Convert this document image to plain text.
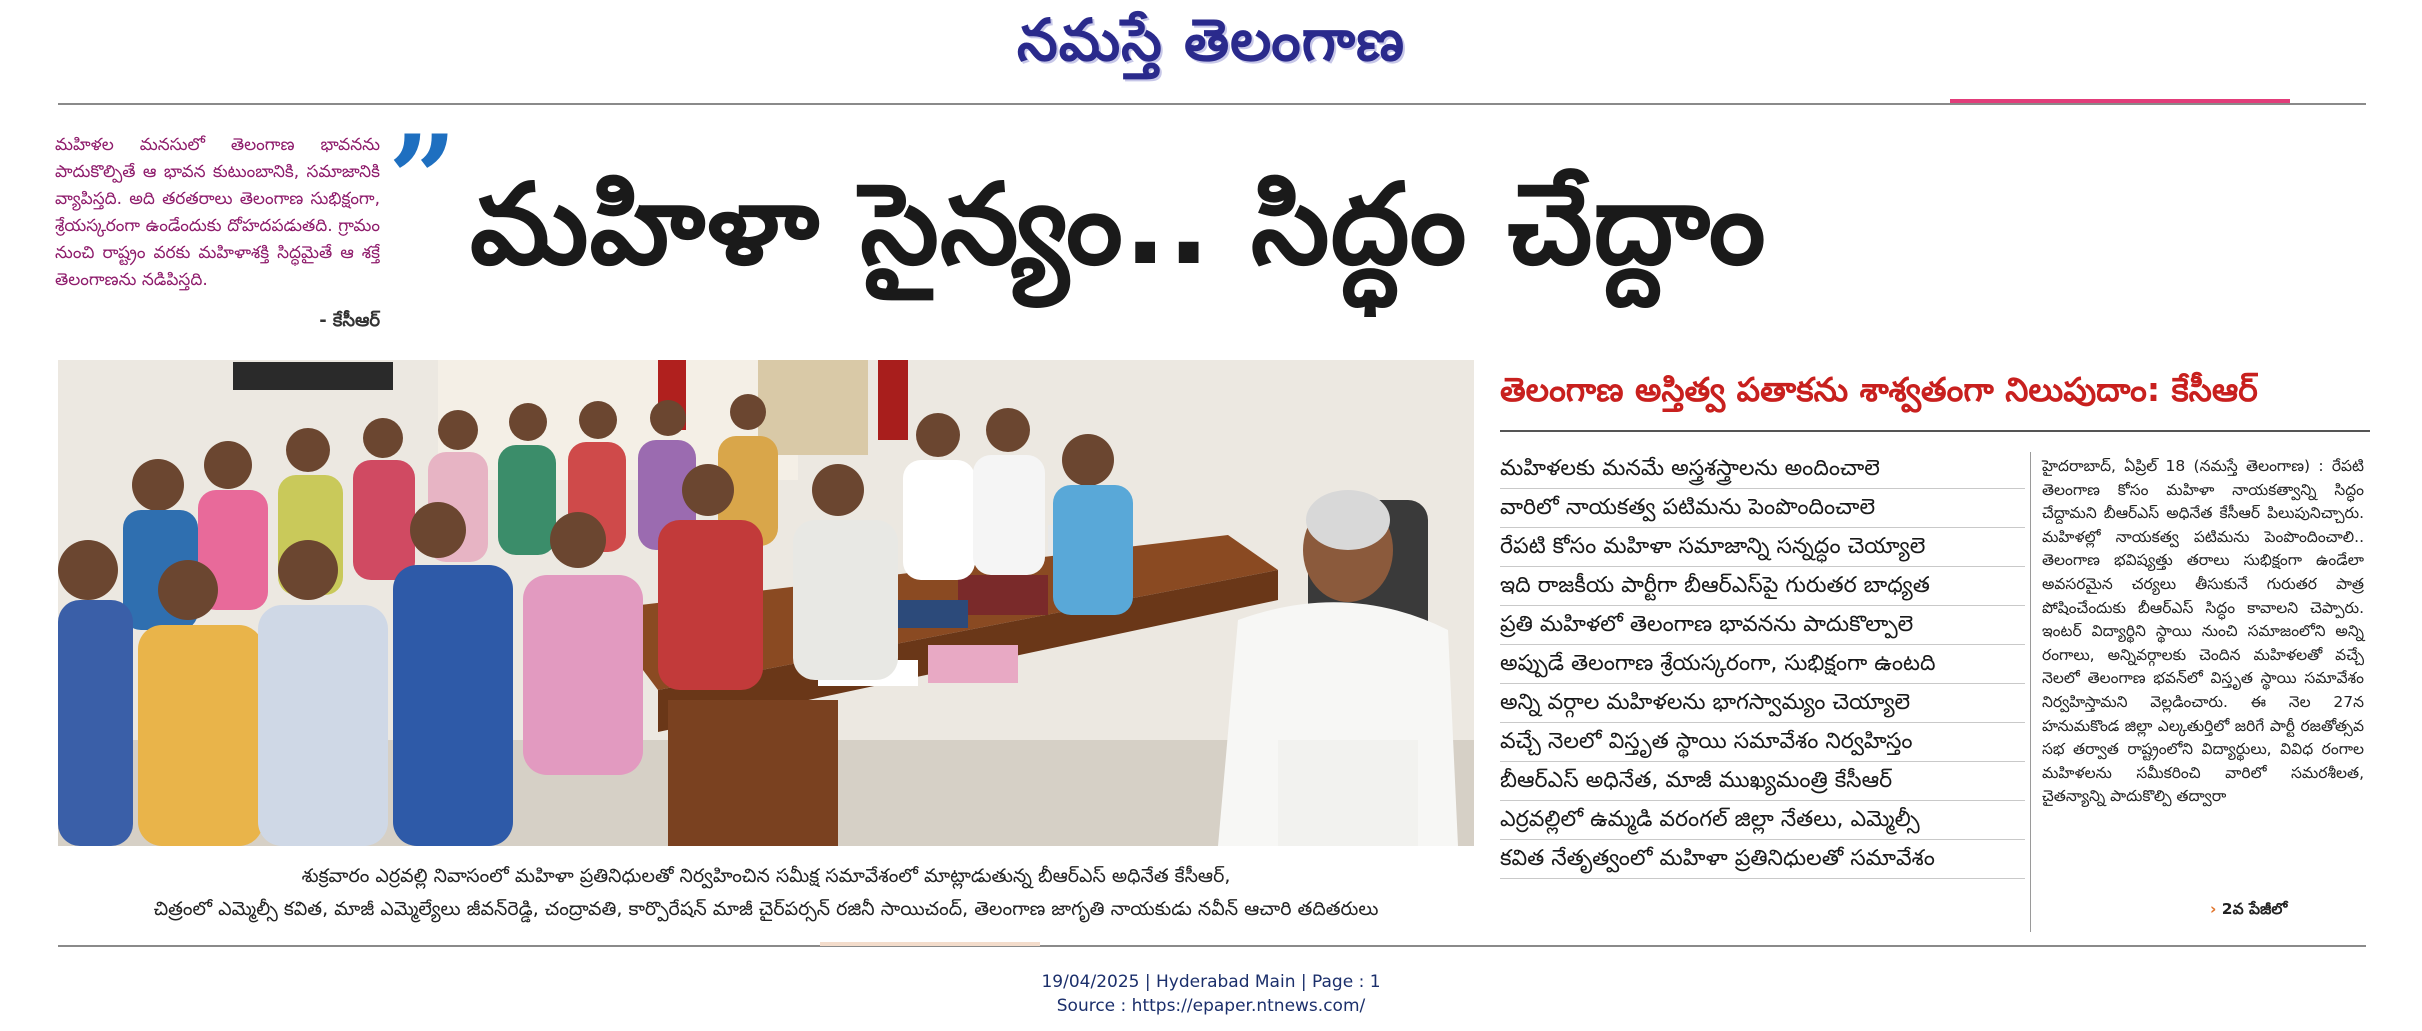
నమస్తే తెలంగాణ
మహిళల మనసులో తెలంగాణ భావనను పాదుకొల్పితే ఆ భావన కుటుంబానికి, సమాజానికి వ్యాపిస్తది. అది తరతరాలు తెలంగాణ సుభిక్షంగా, శ్రేయస్కరంగా ఉండేందుకు దోహదపడుతది. గ్రామం నుంచి రాష్ట్రం వరకు మహిళాశక్తి సిద్ధమైతే ఆ శక్తే తెలంగాణను నడిపిస్తది.
- కేసీఆర్
” మహిళా సైన్యం.. సిద్ధం చేద్దాం
శుక్రవారం ఎర్రవల్లి నివాసంలో మహిళా ప్రతినిధులతో నిర్వహించిన సమీక్ష సమావేశంలో మాట్లాడుతున్న బీఆర్‌ఎస్ అధినేత కేసీఆర్,
చిత్రంలో ఎమ్మెల్సీ కవిత, మాజీ ఎమ్మెల్యేలు జీవన్‌రెడ్డి, చంద్రావతి, కార్పొరేషన్ మాజీ చైర్‌పర్సన్ రజినీ సాయిచంద్, తెలంగాణ జాగృతి నాయకుడు నవీన్ ఆచారి తదితరులు
తెలంగాణ అస్తిత్వ పతాకను శాశ్వతంగా నిలుపుదాం: కేసీఆర్
మహిళలకు మనమే అస్త్రశస్త్రాలను అందించాలె
వారిలో నాయకత్వ పటిమను పెంపొందించాలె
రేపటి కోసం మహిళా సమాజాన్ని సన్నద్ధం చెయ్యాలె
ఇది రాజకీయ పార్టీగా బీఆర్‌ఎస్‌పై గురుతర బాధ్యత
ప్రతి మహిళలో తెలంగాణ భావనను పాదుకొల్పాలె
అప్పుడే తెలంగాణ శ్రేయస్కరంగా, సుభిక్షంగా ఉంటది
అన్ని వర్గాల మహిళలను భాగస్వామ్యం చెయ్యాలె
వచ్చే నెలలో విస్తృత స్థాయి సమావేశం నిర్వహిస్తం
బీఆర్‌ఎస్ అధినేత, మాజీ ముఖ్యమంత్రి కేసీఆర్
ఎర్రవల్లిలో ఉమ్మడి వరంగల్ జిల్లా నేతలు, ఎమ్మెల్సీ
కవిత నేతృత్వంలో మహిళా ప్రతినిధులతో సమావేశం
హైదరాబాద్, ఏప్రిల్ 18 (నమస్తే తెలంగాణ) : రేపటి తెలంగాణ కోసం మహిళా నాయకత్వాన్ని సిద్ధం చేద్దామని బీఆర్‌ఎస్ అధినేత కేసీఆర్ పిలుపునిచ్చారు. మహిళల్లో నాయకత్వ పటిమను పెంపొందించాలి.. తెలంగాణ భవిష్యత్తు తరాలు సుభిక్షంగా ఉండేలా అవసరమైన చర్యలు తీసుకునే గురుతర పాత్ర పోషించేందుకు బీఆర్‌ఎస్ సిద్ధం కావాలని చెప్పారు. ఇంటర్ విద్యార్థిని స్థాయి నుంచి సమాజంలోని అన్ని రంగాలు, అన్నివర్గాలకు చెందిన మహిళలతో వచ్చే నెలలో తెలంగాణ భవన్‌లో విస్తృత స్థాయి సమావేశం నిర్వహిస్తామని వెల్లడించారు. ఈ నెల 27న హనుమకొండ జిల్లా ఎల్కతుర్తిలో జరిగే పార్టీ రజతోత్సవ సభ తర్వాత రాష్ట్రంలోని విద్యార్థులు, వివిధ రంగాల మహిళలను సమీకరించి వారిలో సమరశీలత, చైతన్యాన్ని పాదుకొల్పి తద్వారా
› 2వ పేజీలో
19/04/2025 | Hyderabad Main | Page : 1
Source : https://epaper.ntnews.com/
